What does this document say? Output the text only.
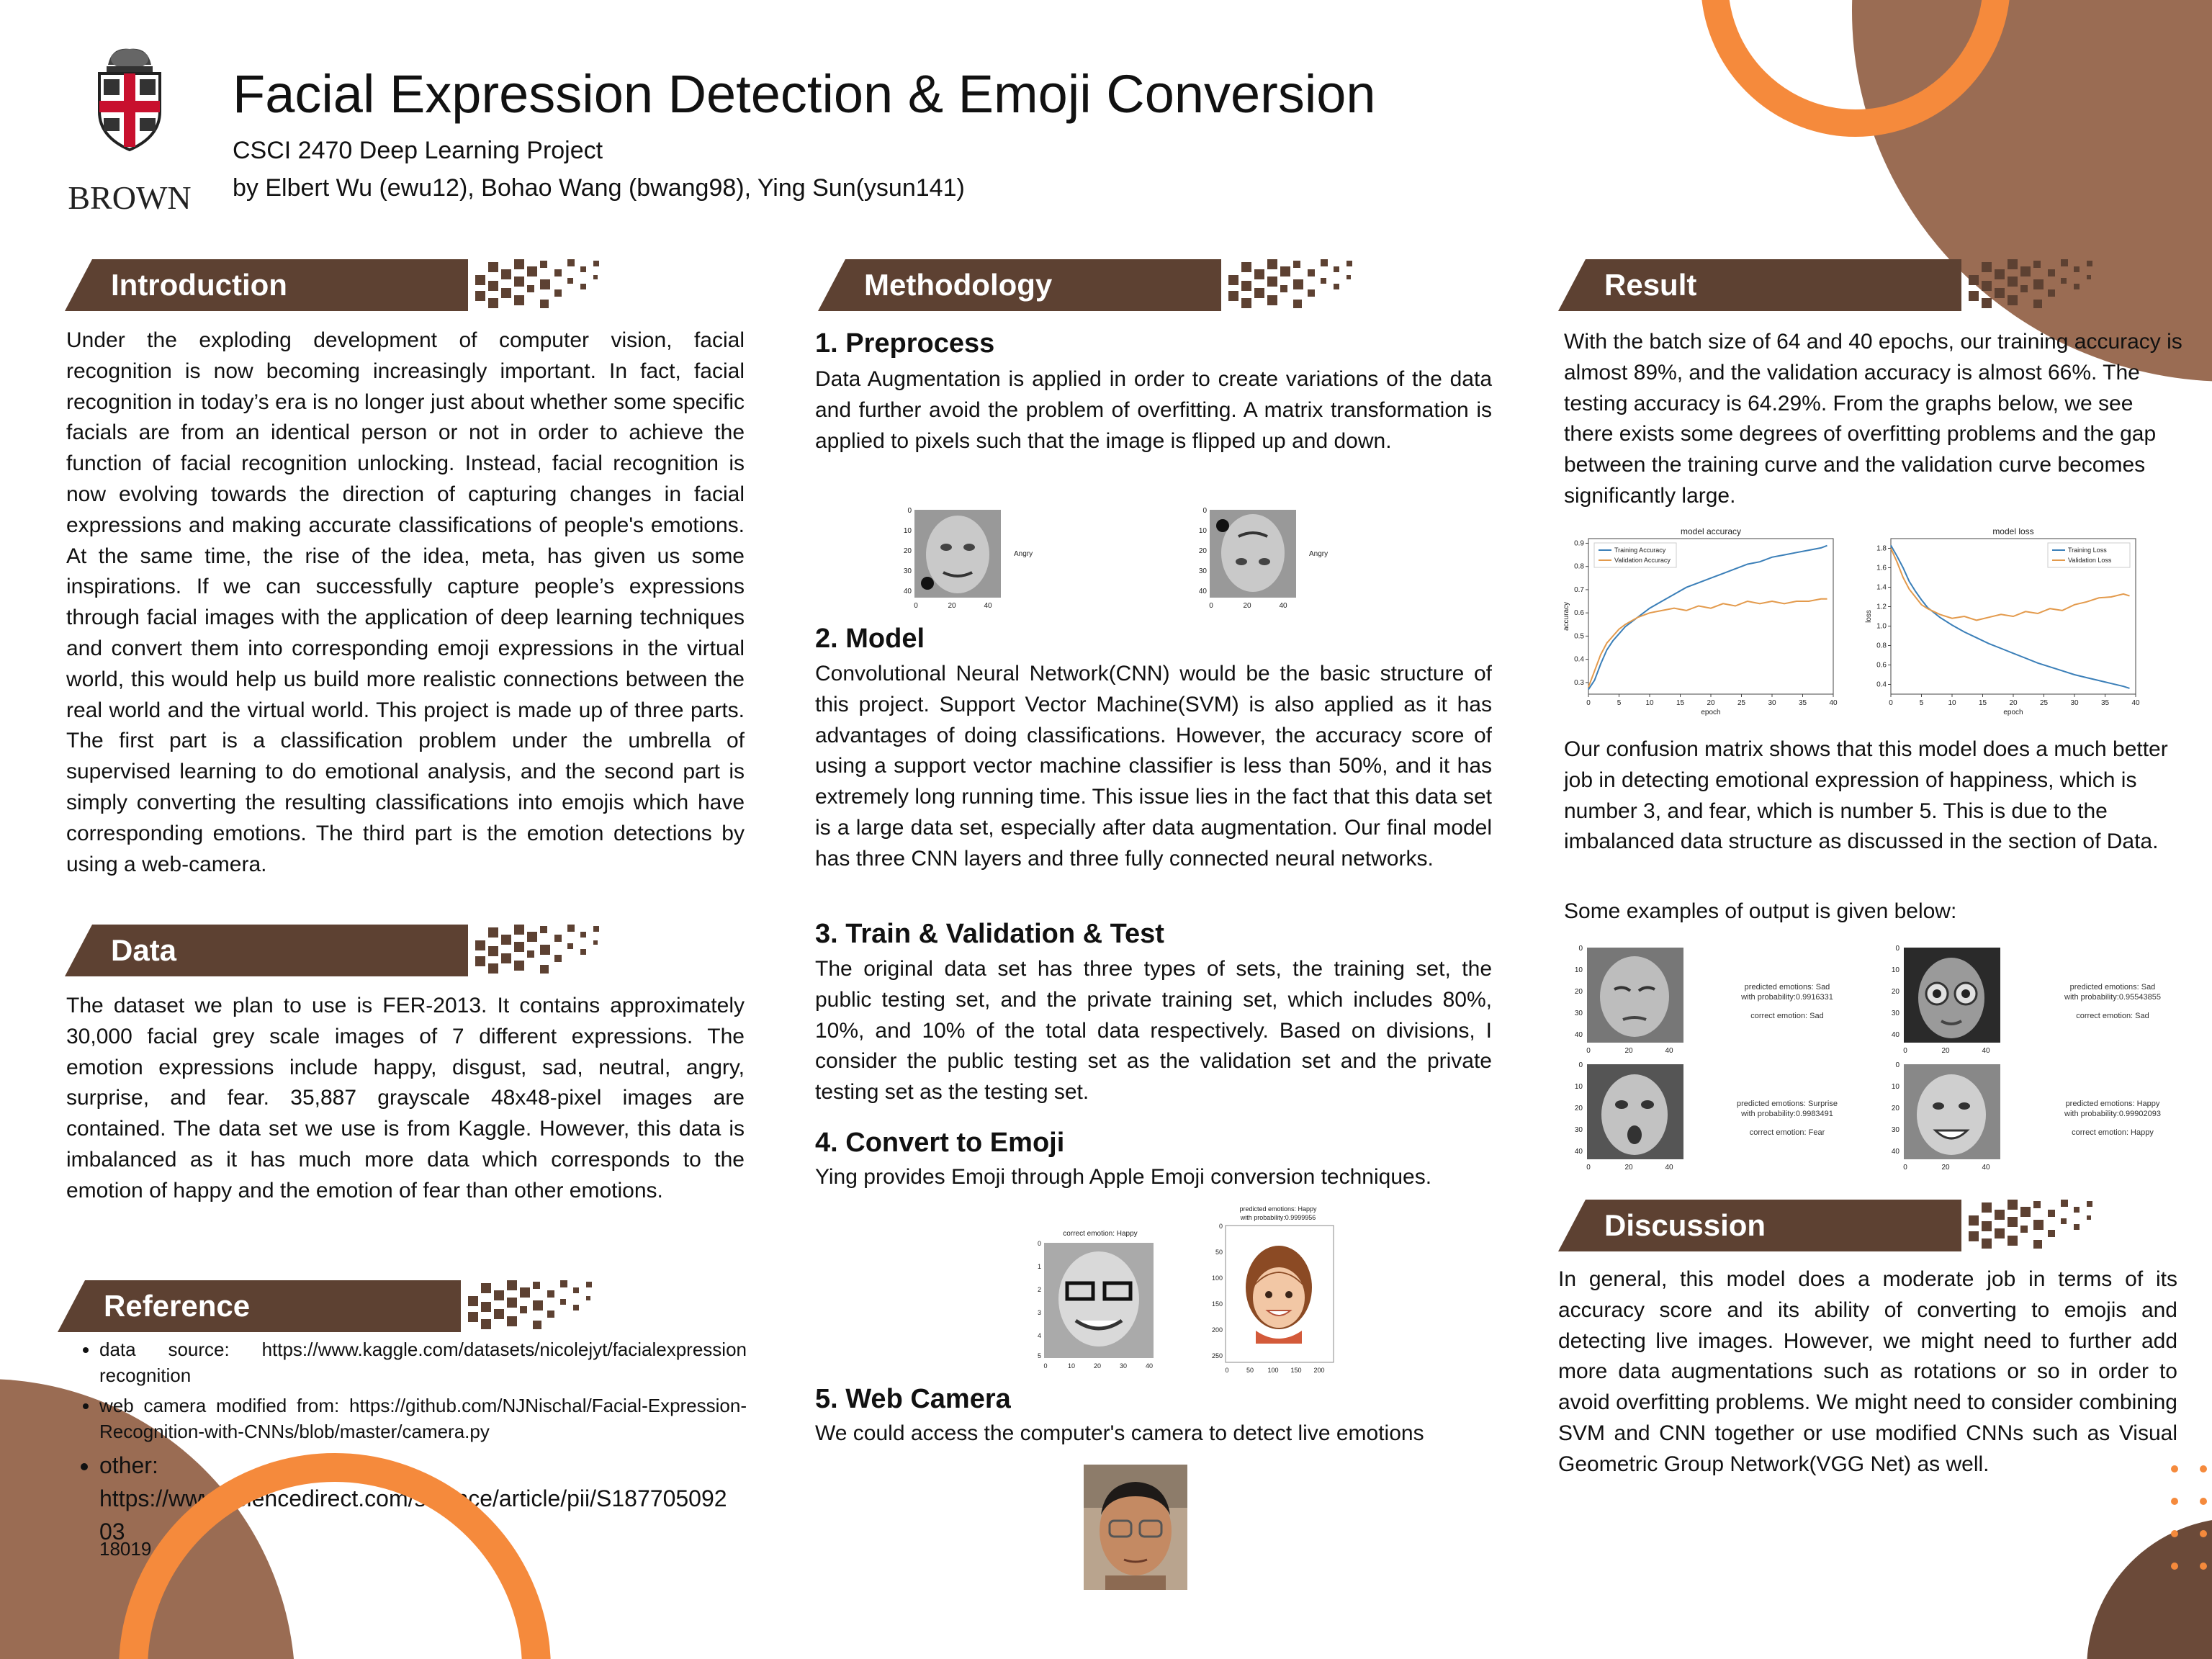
BROWN
Facial Expression Detection & Emoji Conversion
CSCI 2470 Deep Learning Project
by Elbert Wu (ewu12), Bohao Wang (bwang98), Ying Sun(ysun141)
Introduction
Under the exploding development of computer vision, facial recognition is now becoming increasingly important. In fact, facial recognition in today’s era is no longer just about whether some specific facials are from an identical person or not in order to achieve the function of facial recognition unlocking. Instead, facial recognition is now evolving towards the direction of capturing changes in facial expressions and making accurate classifications of people's emotions. At the same time, the rise of the idea, meta, has given us some inspirations. If we can successfully capture people’s expressions through facial images with the application of deep learning techniques and convert them into corresponding emoji expressions in the virtual world, this would help us build more realistic connections between the real world and the virtual world. This project is made up of three parts. The first part is a classification problem under the umbrella of supervised learning to do emotional analysis, and the second part is simply converting the resulting classifications into emojis which have corresponding emotions. The third part is the emotion detections by using a web-camera.
Data
The dataset we plan to use is FER-2013. It contains approximately 30,000 facial grey scale images of 7 different expressions. The emotion expressions include happy, disgust, sad, neutral, angry, surprise, and fear. 35,887 grayscale 48x48-pixel images are contained. The data set we use is from Kaggle. However, this data is imbalanced as it has much more data which corresponds to the emotion of happy and the emotion of fear than other emotions.
Reference
• data source: https://www.kaggle.com/datasets/nicolejyt/facialexpression recognition
• web camera modified from: https://github.com/NJNischal/Facial-Expression-Recognition-with-CNNs/blob/master/camera.py
• other: https://www.sciencedirect.com/science/article/pii/S187705092 03
18019
Methodology
1. Preprocess
Data Augmentation is applied in order to create variations of the data and further avoid the problem of overfitting. A matrix transformation is applied to pixels such that the image is flipped up and down.
0
10
20
30
40
0	20	40
Angry
0
10
20
30
40
0	20	40
Angry
2. Model
Convolutional Neural Network(CNN) would be the basic structure of this project. Support Vector Machine(SVM) is also applied as it has advantages of doing classifications. However, the accuracy score of using a support vector machine classifier is less than 50%, and it has extremely long running time. This issue lies in the fact that this data set is a large data set, especially after data augmentation. Our final model has three CNN layers and three fully connected neural networks.
3. Train & Validation & Test
The original data set has three types of sets, the training set, the public testing set, and the private training set, which includes 80%, 10%, and 10% of the total data respectively. Based on divisions, I consider the public testing set as the validation set and the private testing set as the testing set.
4. Convert to Emoji
Ying provides Emoji through Apple Emoji conversion techniques.
correct emotion: Happy
0
1
2
3
4
5
0	10	20	30	40
predicted emotions: Happy
with probability:0.9999956
0
50
100
150
200
250
0	50 100 150 200
5. Web Camera
We could access the computer's camera to detect live emotions
Result
With the batch size of 64 and 40 epochs, our training accuracy is almost 89%, and the validation accuracy is almost 66%. The testing accuracy is 64.29%. From the graphs below, we see there exists some degrees of overfitting problems and the gap between the training curve and the validation curve becomes significantly large.
model accuracy
0	5	10	15	20	25	30	35	40
0.3
0.4
0.5
0.6
0.7
0.8
0.9
epoch
accuracy
Training Accuracy
Validation Accuracy
model loss
0	5	10	15	20	25	30	35	40
0.4
0.6
0.8
1.0
1.2
1.4
1.6
1.8
epoch
loss
Training Loss
Validation Loss
Our confusion matrix shows that this model does a much better job in detecting emotional expression of happiness, which is number 3, and fear, which is number 5. This is due to the imbalanced data structure as discussed in the section of Data.
Some examples of output is given below:
0
10
20
30
40
0	20	40
predicted emotions: Sad
with probability:0.9916331
correct emotion: Sad
0
10
20
30
40
0	20	40
predicted emotions: Sad
with probability:0.95543855
correct emotion: Sad
0
10
20
30
40
0	20	40
predicted emotions: Surprise
with probability:0.9983491
correct emotion: Fear
0
10
20
30
40
0	20	40
predicted emotions: Happy
with probability:0.99902093
correct emotion: Happy
Discussion
In general, this model does a moderate job in terms of its accuracy score and its ability of converting to emojis and detecting live images. However, we might need to further add more data augmentations such as rotations or so in order to avoid overfitting problems. We might need to consider combining SVM and CNN together or use modified CNNs such as Visual Geometric Group Network(VGG Net) as well.
